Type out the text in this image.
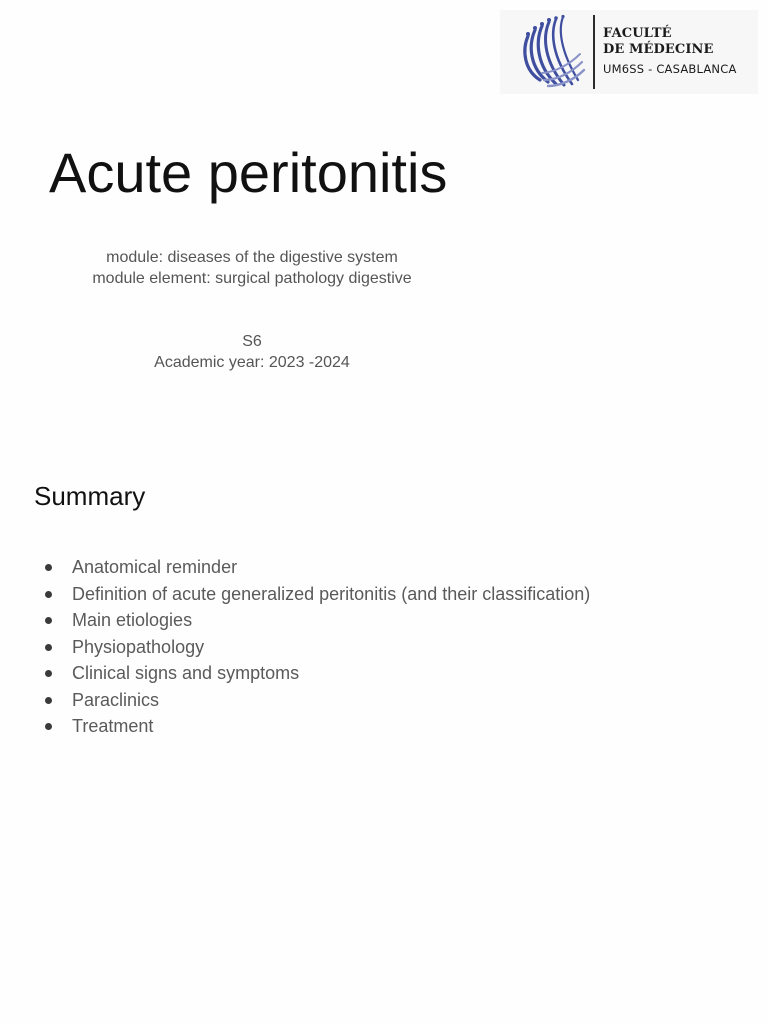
FACULTÉ
DE MÉDECINE
UM6SS - CASABLANCA
Acute peritonitis
module: diseases of the digestive system
module element: surgical pathology digestive
S6
Academic year: 2023 -2024
Summary
Anatomical reminder
Definition of acute generalized peritonitis (and their classification)
Main etiologies
Physiopathology
Clinical signs and symptoms
Paraclinics
Treatment
